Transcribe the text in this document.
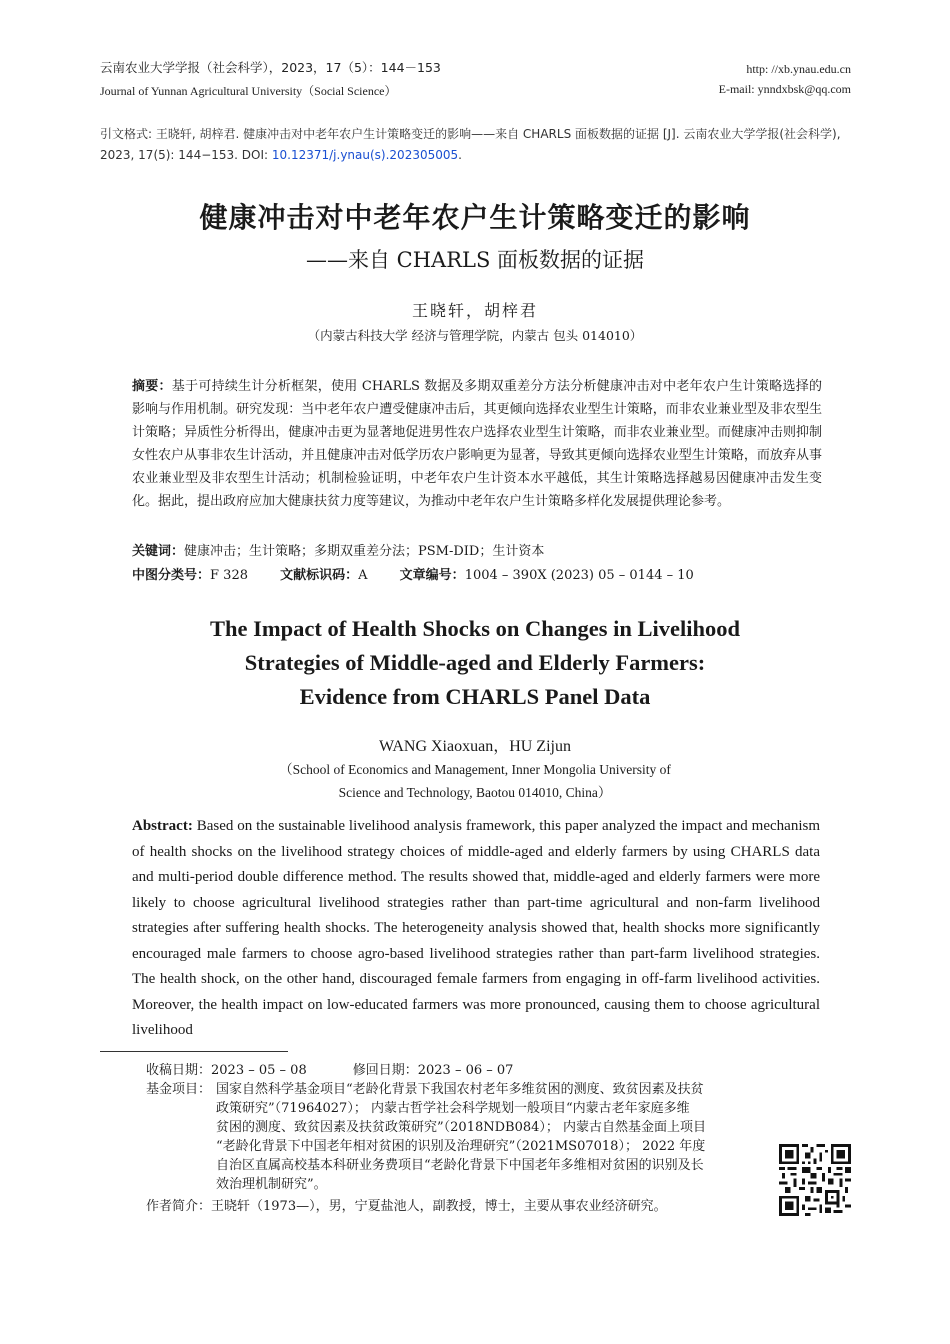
云南农业大学学报（社会科学），2023，17（5）：144－153
Journal of Yunnan Agricultural University（Social Science）
http: //xb.ynau.edu.cn
E-mail: ynndxbsk@qq.com
引文格式: 王晓轩, 胡梓君. 健康冲击对中老年农户生计策略变迁的影响——来自 CHARLS 面板数据的证据 [J]. 云南农业大学学报(社会科学), 2023, 17(5): 144−153. DOI: 10.12371/j.ynau(s).202305005.
健康冲击对中老年农户生计策略变迁的影响
——来自 CHARLS 面板数据的证据
王晓轩，胡梓君
（内蒙古科技大学 经济与管理学院，内蒙古 包头 014010）
摘要：基于可持续生计分析框架，使用 CHARLS 数据及多期双重差分方法分析健康冲击对中老年农户生计策略选择的影响与作用机制。研究发现：当中老年农户遭受健康冲击后，其更倾向选择农业型生计策略，而非农业兼业型及非农型生计策略；异质性分析得出，健康冲击更为显著地促进男性农户选择农业型生计策略，而非农业兼业型。而健康冲击则抑制女性农户从事非农生计活动，并且健康冲击对低学历农户影响更为显著，导致其更倾向选择农业型生计策略，而放弃从事农业兼业型及非农型生计活动；机制检验证明，中老年农户生计资本水平越低，其生计策略选择越易因健康冲击发生变化。据此，提出政府应加大健康扶贫力度等建议，为推动中老年农户生计策略多样化发展提供理论参考。
关键词：健康冲击；生计策略；多期双重差分法；PSM-DID；生计资本
中图分类号：F 328 文献标识码：A 文章编号：1004 – 390X (2023) 05 – 0144 – 10
The Impact of Health Shocks on Changes in Livelihood
Strategies of Middle-aged and Elderly Farmers:
Evidence from CHARLS Panel Data
WANG Xiaoxuan，HU Zijun
（School of Economics and Management, Inner Mongolia University of
Science and Technology, Baotou 014010, China）
Abstract: Based on the sustainable livelihood analysis framework, this paper analyzed the impact and mechanism of health shocks on the livelihood strategy choices of middle-aged and elderly farmers by using CHARLS data and multi-period double difference method. The results showed that, middle-aged and elderly farmers were more likely to choose agricultural livelihood strategies rather than part-time agricultural and non-farm livelihood strategies after suffering health shocks. The heterogeneity analysis showed that, health shocks more significantly encouraged male farmers to choose agro-based livelihood strategies rather than part-farm livelihood strategies. The health shock, on the other hand, discouraged female farmers from engaging in off-farm livelihood activities. Moreover, the health impact on low-educated farmers was more pronounced, causing them to choose agricultural livelihood
收稿日期：2023 – 05 – 08	修回日期：2023 – 06 – 07
基金项目： 国家自然科学基金项目“老龄化背景下我国农村老年多维贫困的测度、致贫因素及扶贫
政策研究”（71964027）； 内蒙古哲学社会科学规划一般项目“内蒙古老年家庭多维
贫困的测度、致贫因素及扶贫政策研究”（2018NDB084）； 内蒙古自然基金面上项目
“老龄化背景下中国老年相对贫困的识别及治理研究”（2021MS07018）； 2022 年度
自治区直属高校基本科研业务费项目“老龄化背景下中国老年多维相对贫困的识别及长
效治理机制研究”。
作者简介：王晓轩（1973—），男，宁夏盐池人，副教授，博士，主要从事农业经济研究。
